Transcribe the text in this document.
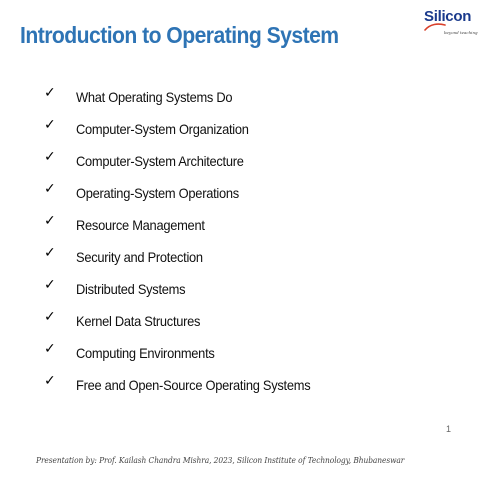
Introduction to Operating System
Silicon
beyond teaching
✓	What Operating Systems Do
✓	Computer-System Organization
✓	Computer-System Architecture
✓	Operating-System Operations
✓	Resource Management
✓	Security and Protection
✓	Distributed Systems
✓	Kernel Data Structures
✓	Computing Environments
✓	Free and Open-Source Operating Systems
1
Presentation by: Prof. Kailash Chandra Mishra, 2023, Silicon Institute of Technology, Bhubaneswar
